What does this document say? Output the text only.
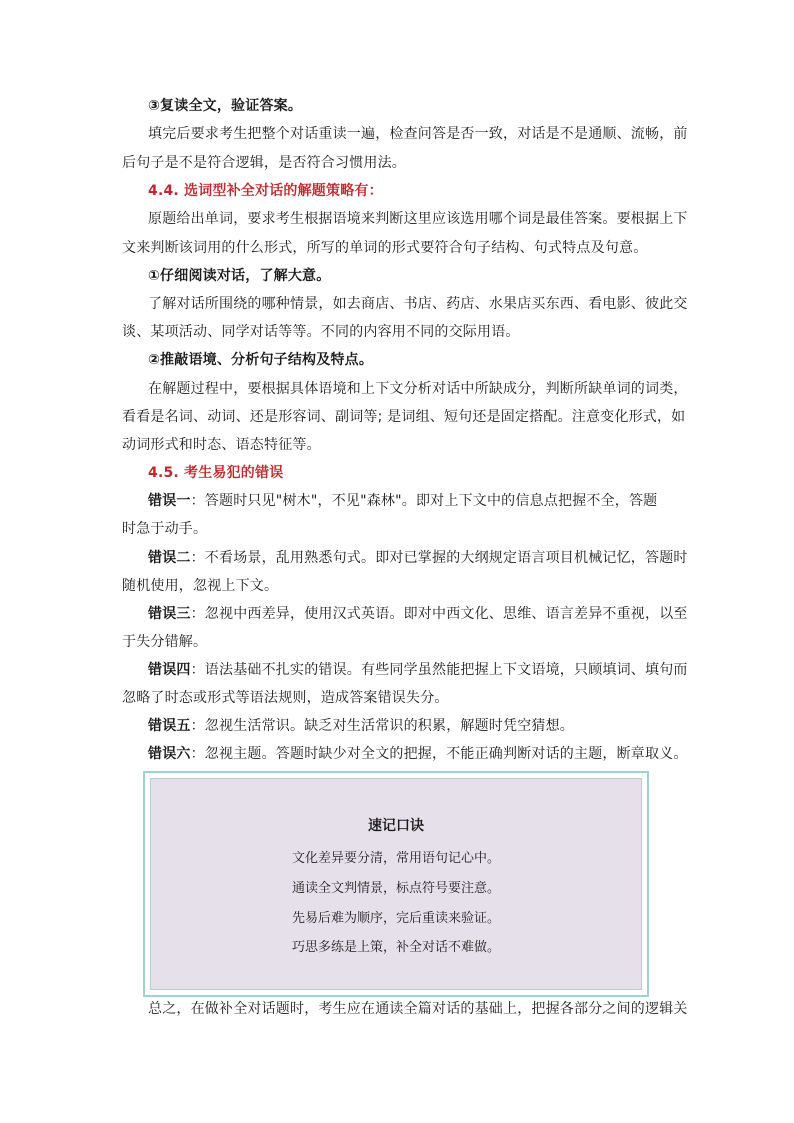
③复读全文，验证答案。
填完后要求考生把整个对话重读一遍，检查问答是否一致，对话是不是通顺、流畅，前
后句子是不是符合逻辑，是否符合习惯用法。
4.4. 选词型补全对话的解题策略有：
原题给出单词，要求考生根据语境来判断这里应该选用哪个词是最佳答案。要根据上下
文来判断该词用的什么形式，所写的单词的形式要符合句子结构、句式特点及句意。
①仔细阅读对话，了解大意。
了解对话所围绕的哪种情景，如去商店、书店、药店、水果店买东西、看电影、彼此交
谈、某项活动、同学对话等等。不同的内容用不同的交际用语。
②推敲语境、分析句子结构及特点。
在解题过程中，要根据具体语境和上下文分析对话中所缺成分，判断所缺单词的词类，
看看是名词、动词、还是形容词、副词等; 是词组、短句还是固定搭配。注意变化形式，如
动词形式和时态、语态特征等。
4.5. 考生易犯的错误
错误一：答题时只见"树木"，不见"森林"。即对上下文中的信息点把握不全，答题
时急于动手。
错误二：不看场景，乱用熟悉句式。即对已掌握的大纲规定语言项目机械记忆，答题时
随机使用，忽视上下文。
错误三：忽视中西差异，使用汉式英语。即对中西文化、思维、语言差异不重视，以至
于失分错解。
错误四：语法基础不扎实的错误。有些同学虽然能把握上下文语境，只顾填词、填句而
忽略了时态或形式等语法规则，造成答案错误失分。
错误五：忽视生活常识。缺乏对生活常识的积累，解题时凭空猜想。
错误六：忽视主题。答题时缺少对全文的把握，不能正确判断对话的主题，断章取义。
速记口诀
文化差异要分清，常用语句记心中。
通读全文判情景，标点符号要注意。
先易后难为顺序，完后重读来验证。
巧思多练是上策，补全对话不难做。
总之，在做补全对话题时，考生应在通读全篇对话的基础上，把握各部分之间的逻辑关
